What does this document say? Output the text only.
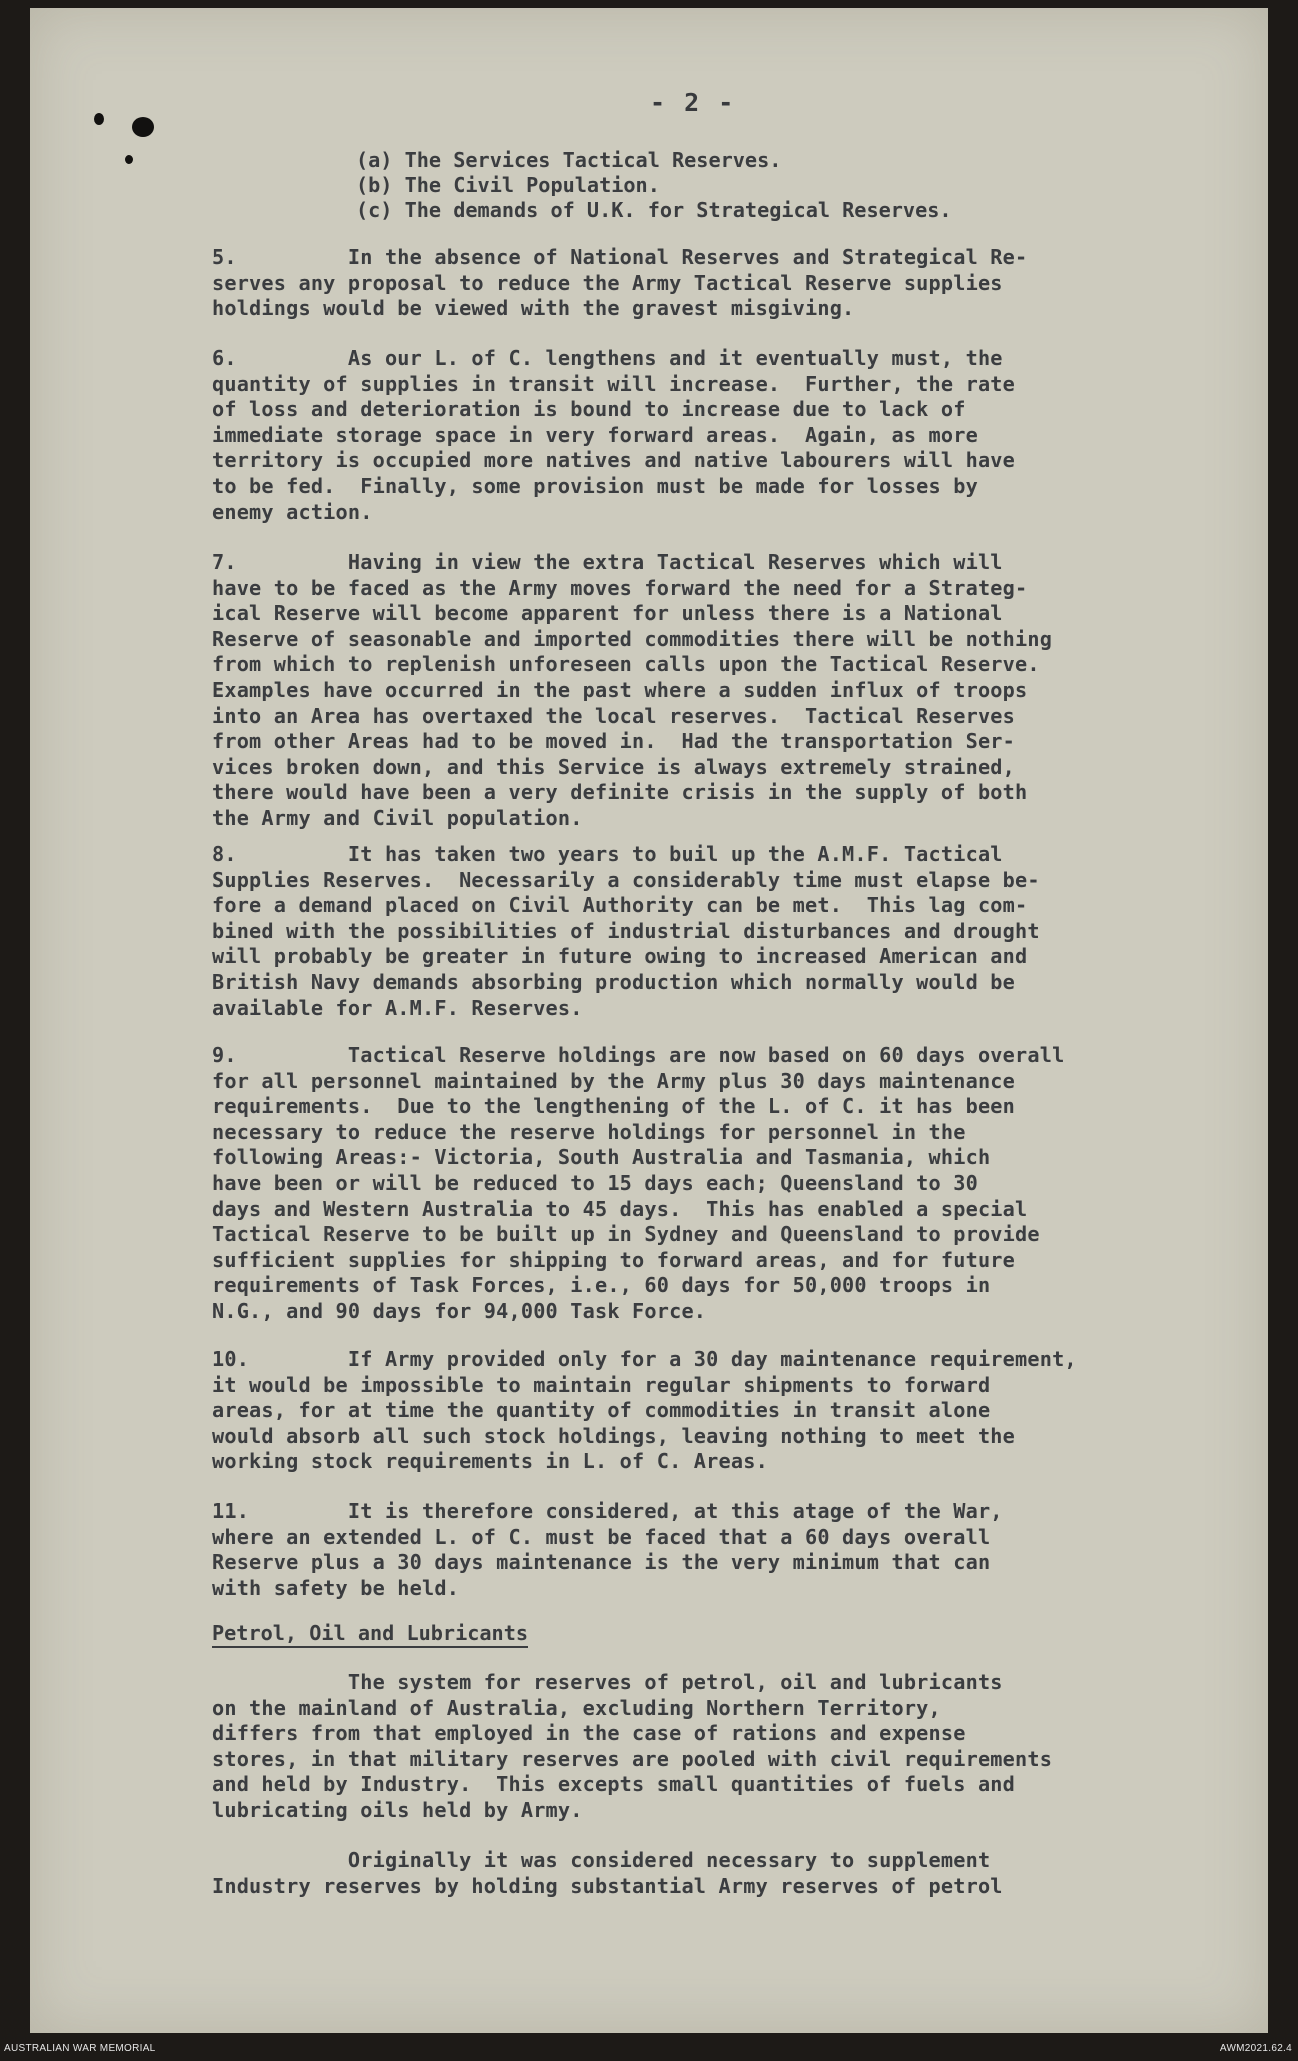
- 2 -
(a) The Services Tactical Reserves.
(b) The Civil Population.
(c) The demands of U.K. for Strategical Reserves.
5.         In the absence of National Reserves and Strategical Re-
serves any proposal to reduce the Army Tactical Reserve supplies
holdings would be viewed with the gravest misgiving.
6.         As our L. of C. lengthens and it eventually must, the
quantity of supplies in transit will increase.  Further, the rate
of loss and deterioration is bound to increase due to lack of
immediate storage space in very forward areas.  Again, as more
territory is occupied more natives and native labourers will have
to be fed.  Finally, some provision must be made for losses by
enemy action.
7.         Having in view the extra Tactical Reserves which will
have to be faced as the Army moves forward the need for a Strateg-
ical Reserve will become apparent for unless there is a National
Reserve of seasonable and imported commodities there will be nothing
from which to replenish unforeseen calls upon the Tactical Reserve.
Examples have occurred in the past where a sudden influx of troops
into an Area has overtaxed the local reserves.  Tactical Reserves
from other Areas had to be moved in.  Had the transportation Ser-
vices broken down, and this Service is always extremely strained,
there would have been a very definite crisis in the supply of both
the Army and Civil population.
8.         It has taken two years to buil up the A.M.F. Tactical
Supplies Reserves.  Necessarily a considerably time must elapse be-
fore a demand placed on Civil Authority can be met.  This lag com-
bined with the possibilities of industrial disturbances and drought
will probably be greater in future owing to increased American and
British Navy demands absorbing production which normally would be
available for A.M.F. Reserves.
9.         Tactical Reserve holdings are now based on 60 days overall
for all personnel maintained by the Army plus 30 days maintenance
requirements.  Due to the lengthening of the L. of C. it has been
necessary to reduce the reserve holdings for personnel in the
following Areas:- Victoria, South Australia and Tasmania, which
have been or will be reduced to 15 days each; Queensland to 30
days and Western Australia to 45 days.  This has enabled a special
Tactical Reserve to be built up in Sydney and Queensland to provide
sufficient supplies for shipping to forward areas, and for future
requirements of Task Forces, i.e., 60 days for 50,000 troops in
N.G., and 90 days for 94,000 Task Force.
10.        If Army provided only for a 30 day maintenance requirement,
it would be impossible to maintain regular shipments to forward
areas, for at time the quantity of commodities in transit alone
would absorb all such stock holdings, leaving nothing to meet the
working stock requirements in L. of C. Areas.
11.        It is therefore considered, at this atage of the War,
where an extended L. of C. must be faced that a 60 days overall
Reserve plus a 30 days maintenance is the very minimum that can
with safety be held.
Petrol, Oil and Lubricants
The system for reserves of petrol, oil and lubricants
on the mainland of Australia, excluding Northern Territory,
differs from that employed in the case of rations and expense
stores, in that military reserves are pooled with civil requirements
and held by Industry.  This excepts small quantities of fuels and
lubricating oils held by Army.
Originally it was considered necessary to supplement
Industry reserves by holding substantial Army reserves of petrol
AUSTRALIAN WAR MEMORIAL	AWM2021.62.4
